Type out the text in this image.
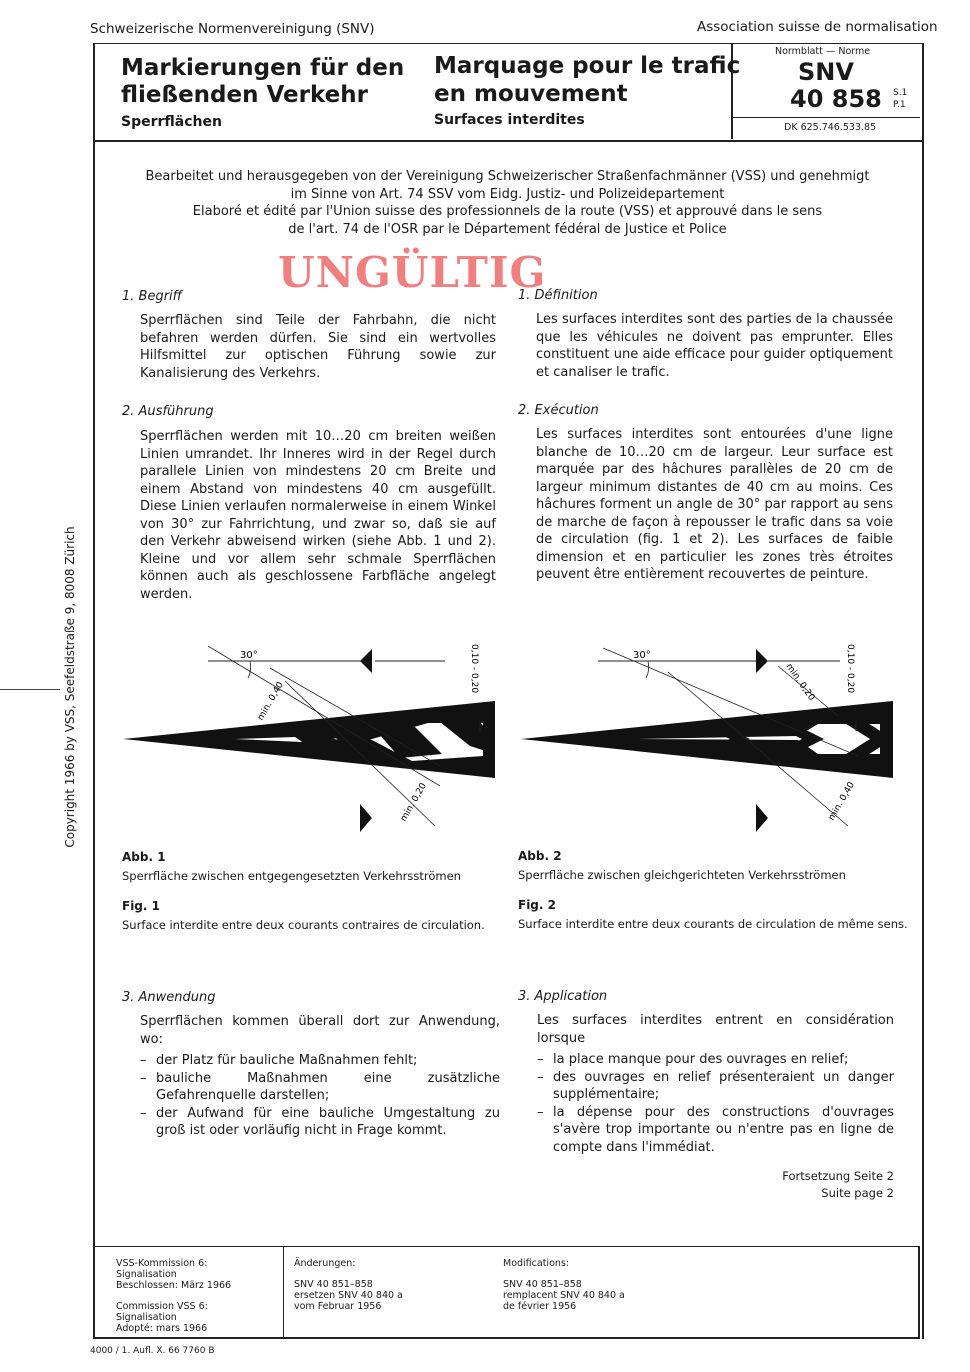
Schweizerische Normenvereinigung (SNV)	Association suisse de normalisation
Markierungen für den
fließenden Verkehr
Sperrflächen
Marquage pour le trafic
en mouvement
Surfaces interdites
Normblatt — Norme
SNV
40 858 S.1
P.1
DK 625.746.533.85
Bearbeitet und herausgegeben von der Vereinigung Schweizerischer Straßenfachmänner (VSS) und genehmigt
im Sinne von Art. 74 SSV vom Eidg. Justiz- und Polizeidepartement
Elaboré et édité par l'Union suisse des professionnels de la route (VSS) et approuvé dans le sens
de l'art. 74 de l'OSR par le Département fédéral de Justice et Police
UNGÜLTIG
1. Begriff
Sperrflächen sind Teile der Fahrbahn, die nicht befahren werden dürfen. Sie sind ein wertvolles Hilfsmittel zur optischen Führung sowie zur Kanalisierung des Verkehrs.
2. Ausführung
Sperrflächen werden mit 10…20 cm breiten weißen Linien umrandet. Ihr Inneres wird in der Regel durch parallele Linien von mindestens 20 cm Breite und einem Abstand von mindestens 40 cm ausgefüllt. Diese Linien verlaufen normalerweise in einem Winkel von 30° zur Fahrrichtung, und zwar so, daß sie auf den Verkehr abweisend wirken (siehe Abb. 1 und 2). Kleine und vor allem sehr schmale Sperrflächen können auch als geschlossene Farbfläche angelegt werden.
1. Définition
Les surfaces interdites sont des parties de la chaussée que les véhicules ne doivent pas emprunter. Elles constituent une aide efficace pour guider optiquement et canaliser le trafic.
2. Exécution
Les surfaces interdites sont entourées d'une ligne blanche de 10…20 cm de largeur. Leur surface est marquée par des hâchures parallèles de 20 cm de largeur minimum distantes de 40 cm au moins. Ces hâchures forment un angle de 30° par rapport au sens de marche de façon à repousser le trafic dans sa voie de circulation (fig. 1 et 2). Les surfaces de faible dimension et en particulier les zones très étroites peuvent être entièrement recouvertes de peinture.
30°
min. 0,40
0,10 - 0,20
min. 0,20
30°
min. 0,20	0,10 - 0,20
min. 0,40
Abb. 1
Sperrfläche zwischen entgegengesetzten Verkehrsströmen
Fig. 1
Surface interdite entre deux courants contraires de circulation.
Abb. 2
Sperrfläche zwischen gleichgerichteten Verkehrsströmen
Fig. 2
Surface interdite entre deux courants de circulation de même sens.
3. Anwendung
Sperrflächen kommen überall dort zur Anwendung, wo:
– der Platz für bauliche Maßnahmen fehlt;
– bauliche Maßnahmen eine zusätzliche Gefahrenquelle darstellen;
– der Aufwand für eine bauliche Umgestaltung zu groß ist oder vorläufig nicht in Frage kommt.
3. Application
Les surfaces interdites entrent en considération lorsque
– la place manque pour des ouvrages en relief;
– des ouvrages en relief présenteraient un danger supplémentaire;
– la dépense pour des constructions d'ouvrages s'avère trop importante ou n'entre pas en ligne de compte dans l'immédiat.
Fortsetzung Seite 2
Suite page 2
VSS-Kommission 6:
Signalisation
Beschlossen: März 1966
Commission VSS 6:
Signalisation
Adopté: mars 1966
Änderungen:
SNV 40 851–858
ersetzen SNV 40 840 a
vom Februar 1956
Modifications:
SNV 40 851–858
remplacent SNV 40 840 a
de février 1956
4000 / 1. Aufl. X. 66 7760 B
Copyright 1966 by VSS, Seefeldstraße 9, 8008 Zürich
